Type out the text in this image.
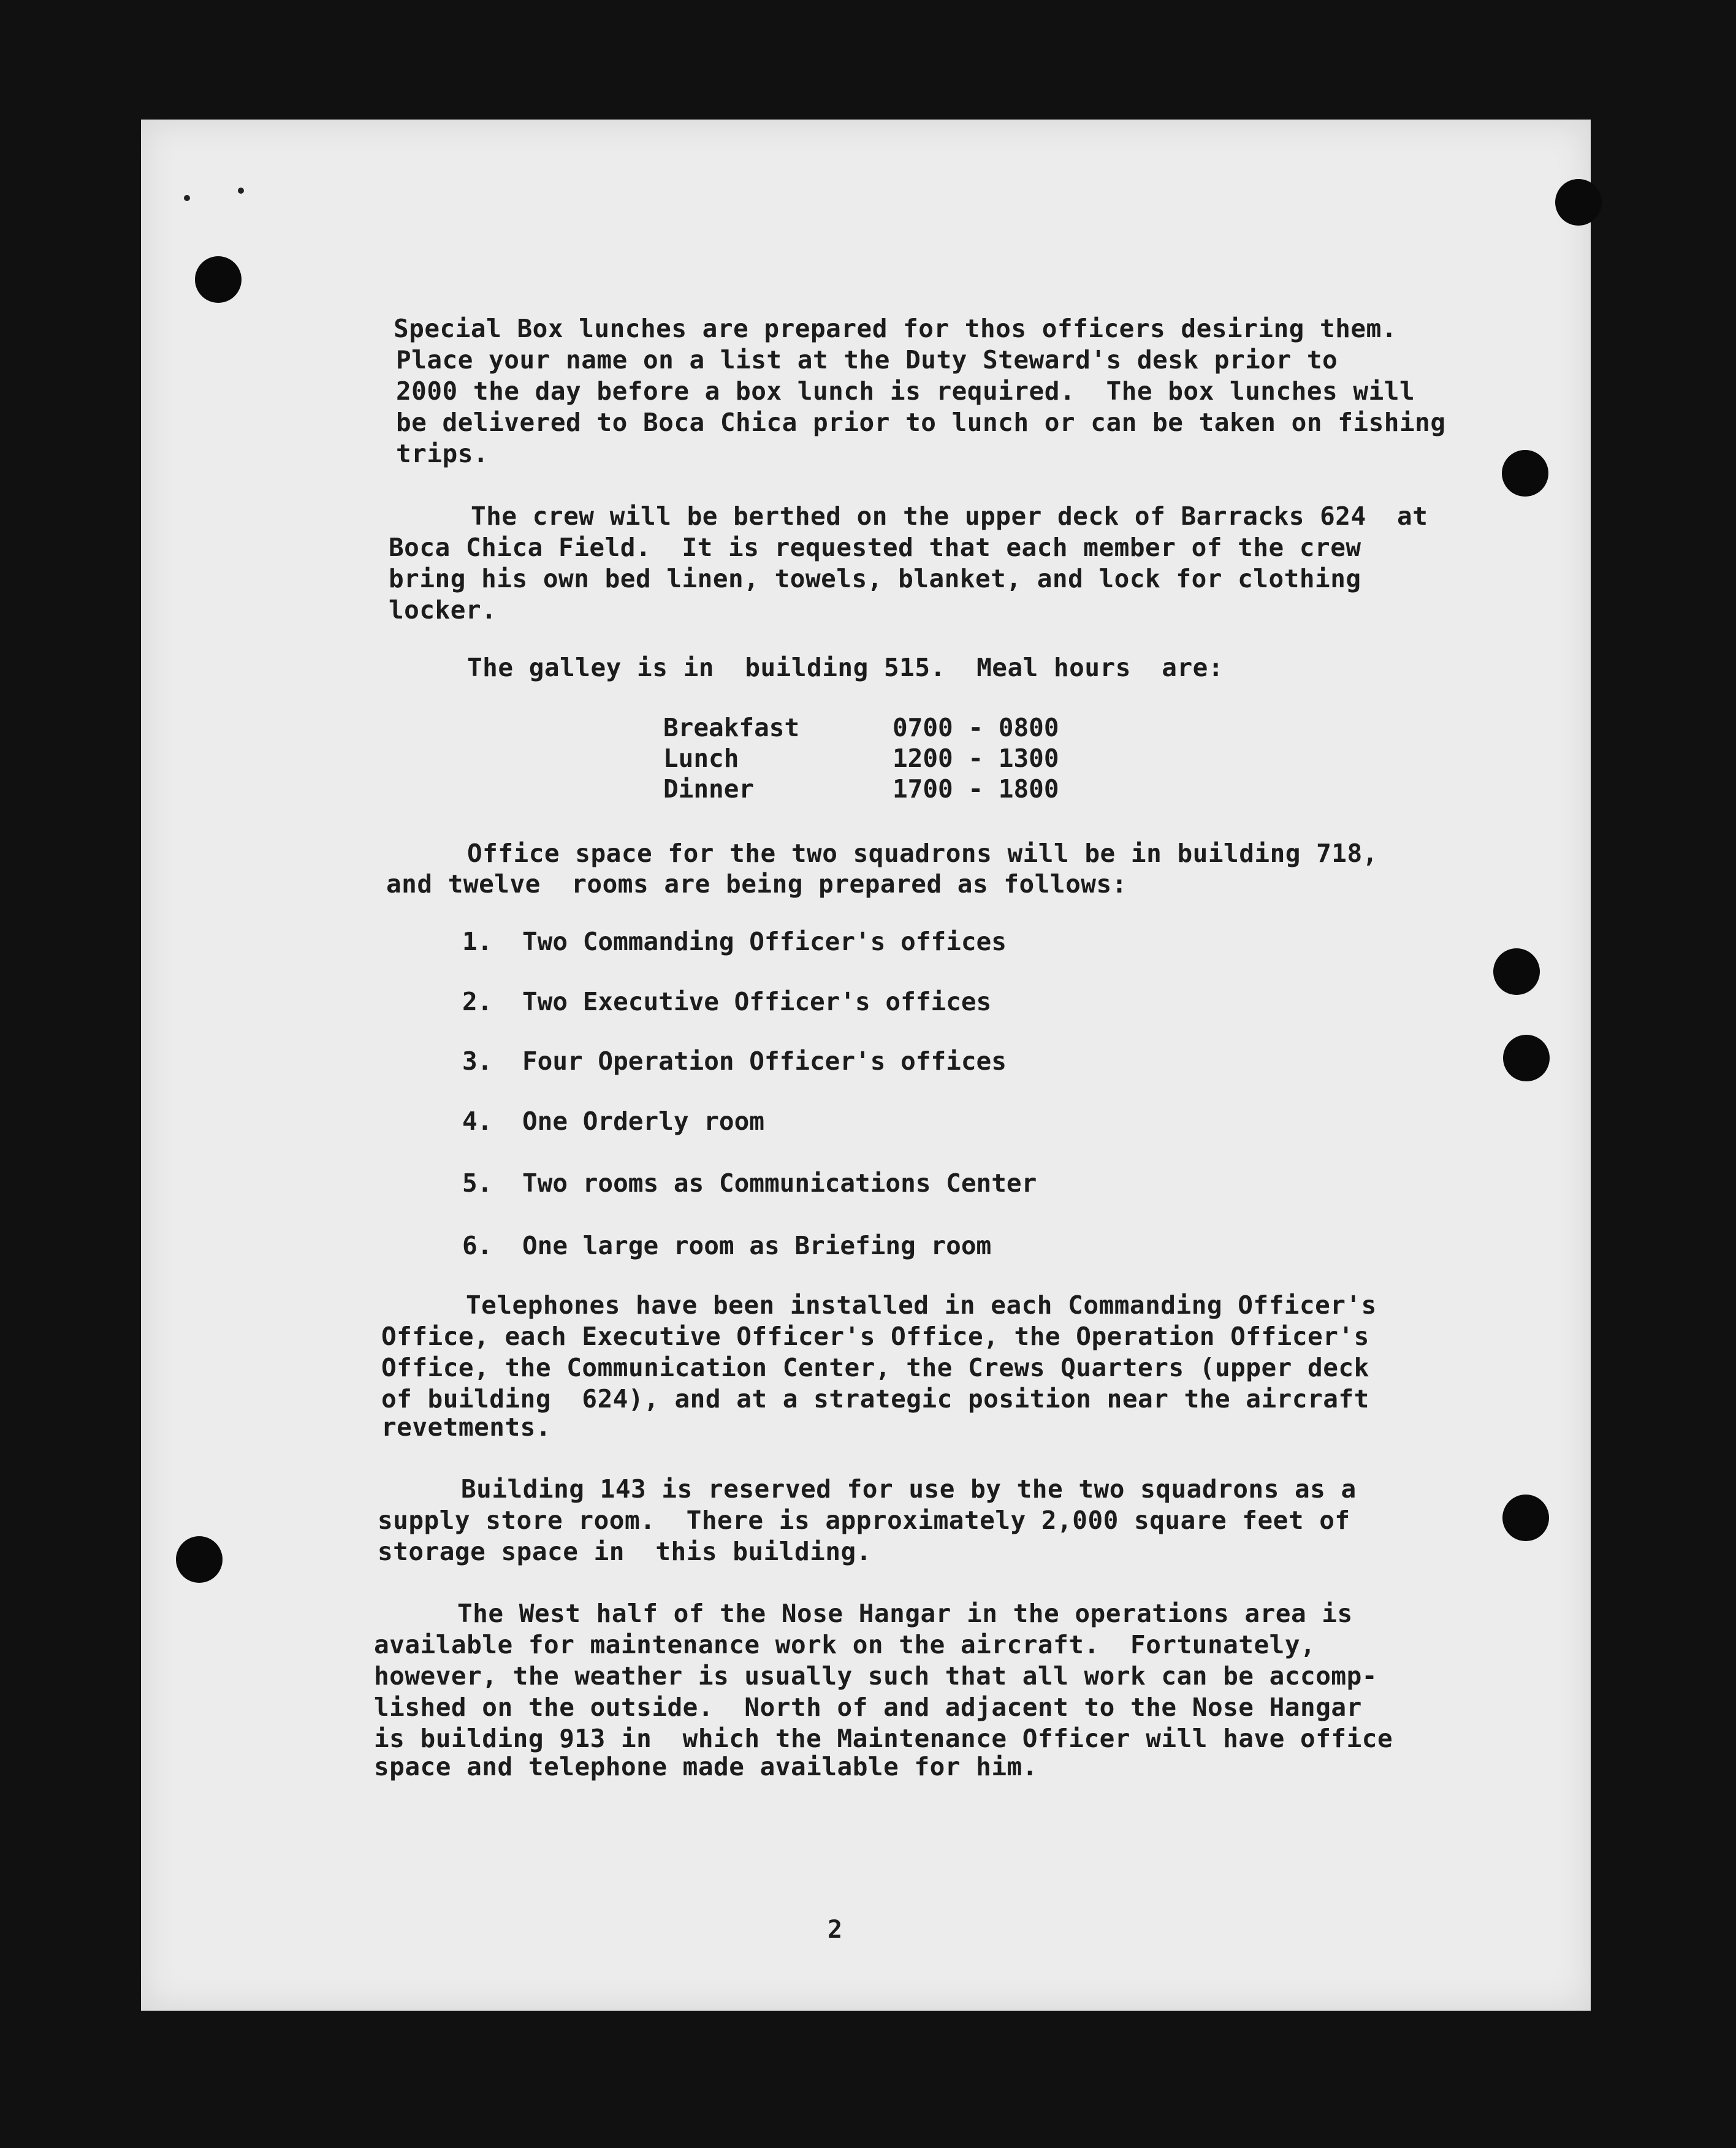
Special Box lunches are prepared for thos officers desiring them.

Place your name on a list at the Duty Steward's desk prior to

2000 the day before a box lunch is required.  The box lunches will

be delivered to Boca Chica prior to lunch or can be taken on fishing

trips.

The crew will be berthed on the upper deck of Barracks 624  at

Boca Chica Field.  It is requested that each member of the crew

bring his own bed linen, towels, blanket, and lock for clothing

locker.

The galley is in  building 515.  Meal hours  are:

Breakfast	0700 - 0800

Lunch	1200 - 1300

Dinner	1700 - 1800

Office space for the two squadrons will be in building 718,

and twelve  rooms are being prepared as follows:

1. Two Commanding Officer's offices

2. Two Executive Officer's offices

3. Four Operation Officer's offices

4. One Orderly room

5. Two rooms as Communications Center

6. One large room as Briefing room

Telephones have been installed in each Commanding Officer's

Office, each Executive Officer's Office, the Operation Officer's

Office, the Communication Center, the Crews Quarters (upper deck

of building  624), and at a strategic position near the aircraft

revetments.

Building 143 is reserved for use by the two squadrons as a

supply store room.  There is approximately 2,000 square feet of

storage space in  this building.

The West half of the Nose Hangar in the operations area is

available for maintenance work on the aircraft.  Fortunately,

however, the weather is usually such that all work can be accomp-

lished on the outside.  North of and adjacent to the Nose Hangar

is building 913 in  which the Maintenance Officer will have office

space and telephone made available for him.

2
